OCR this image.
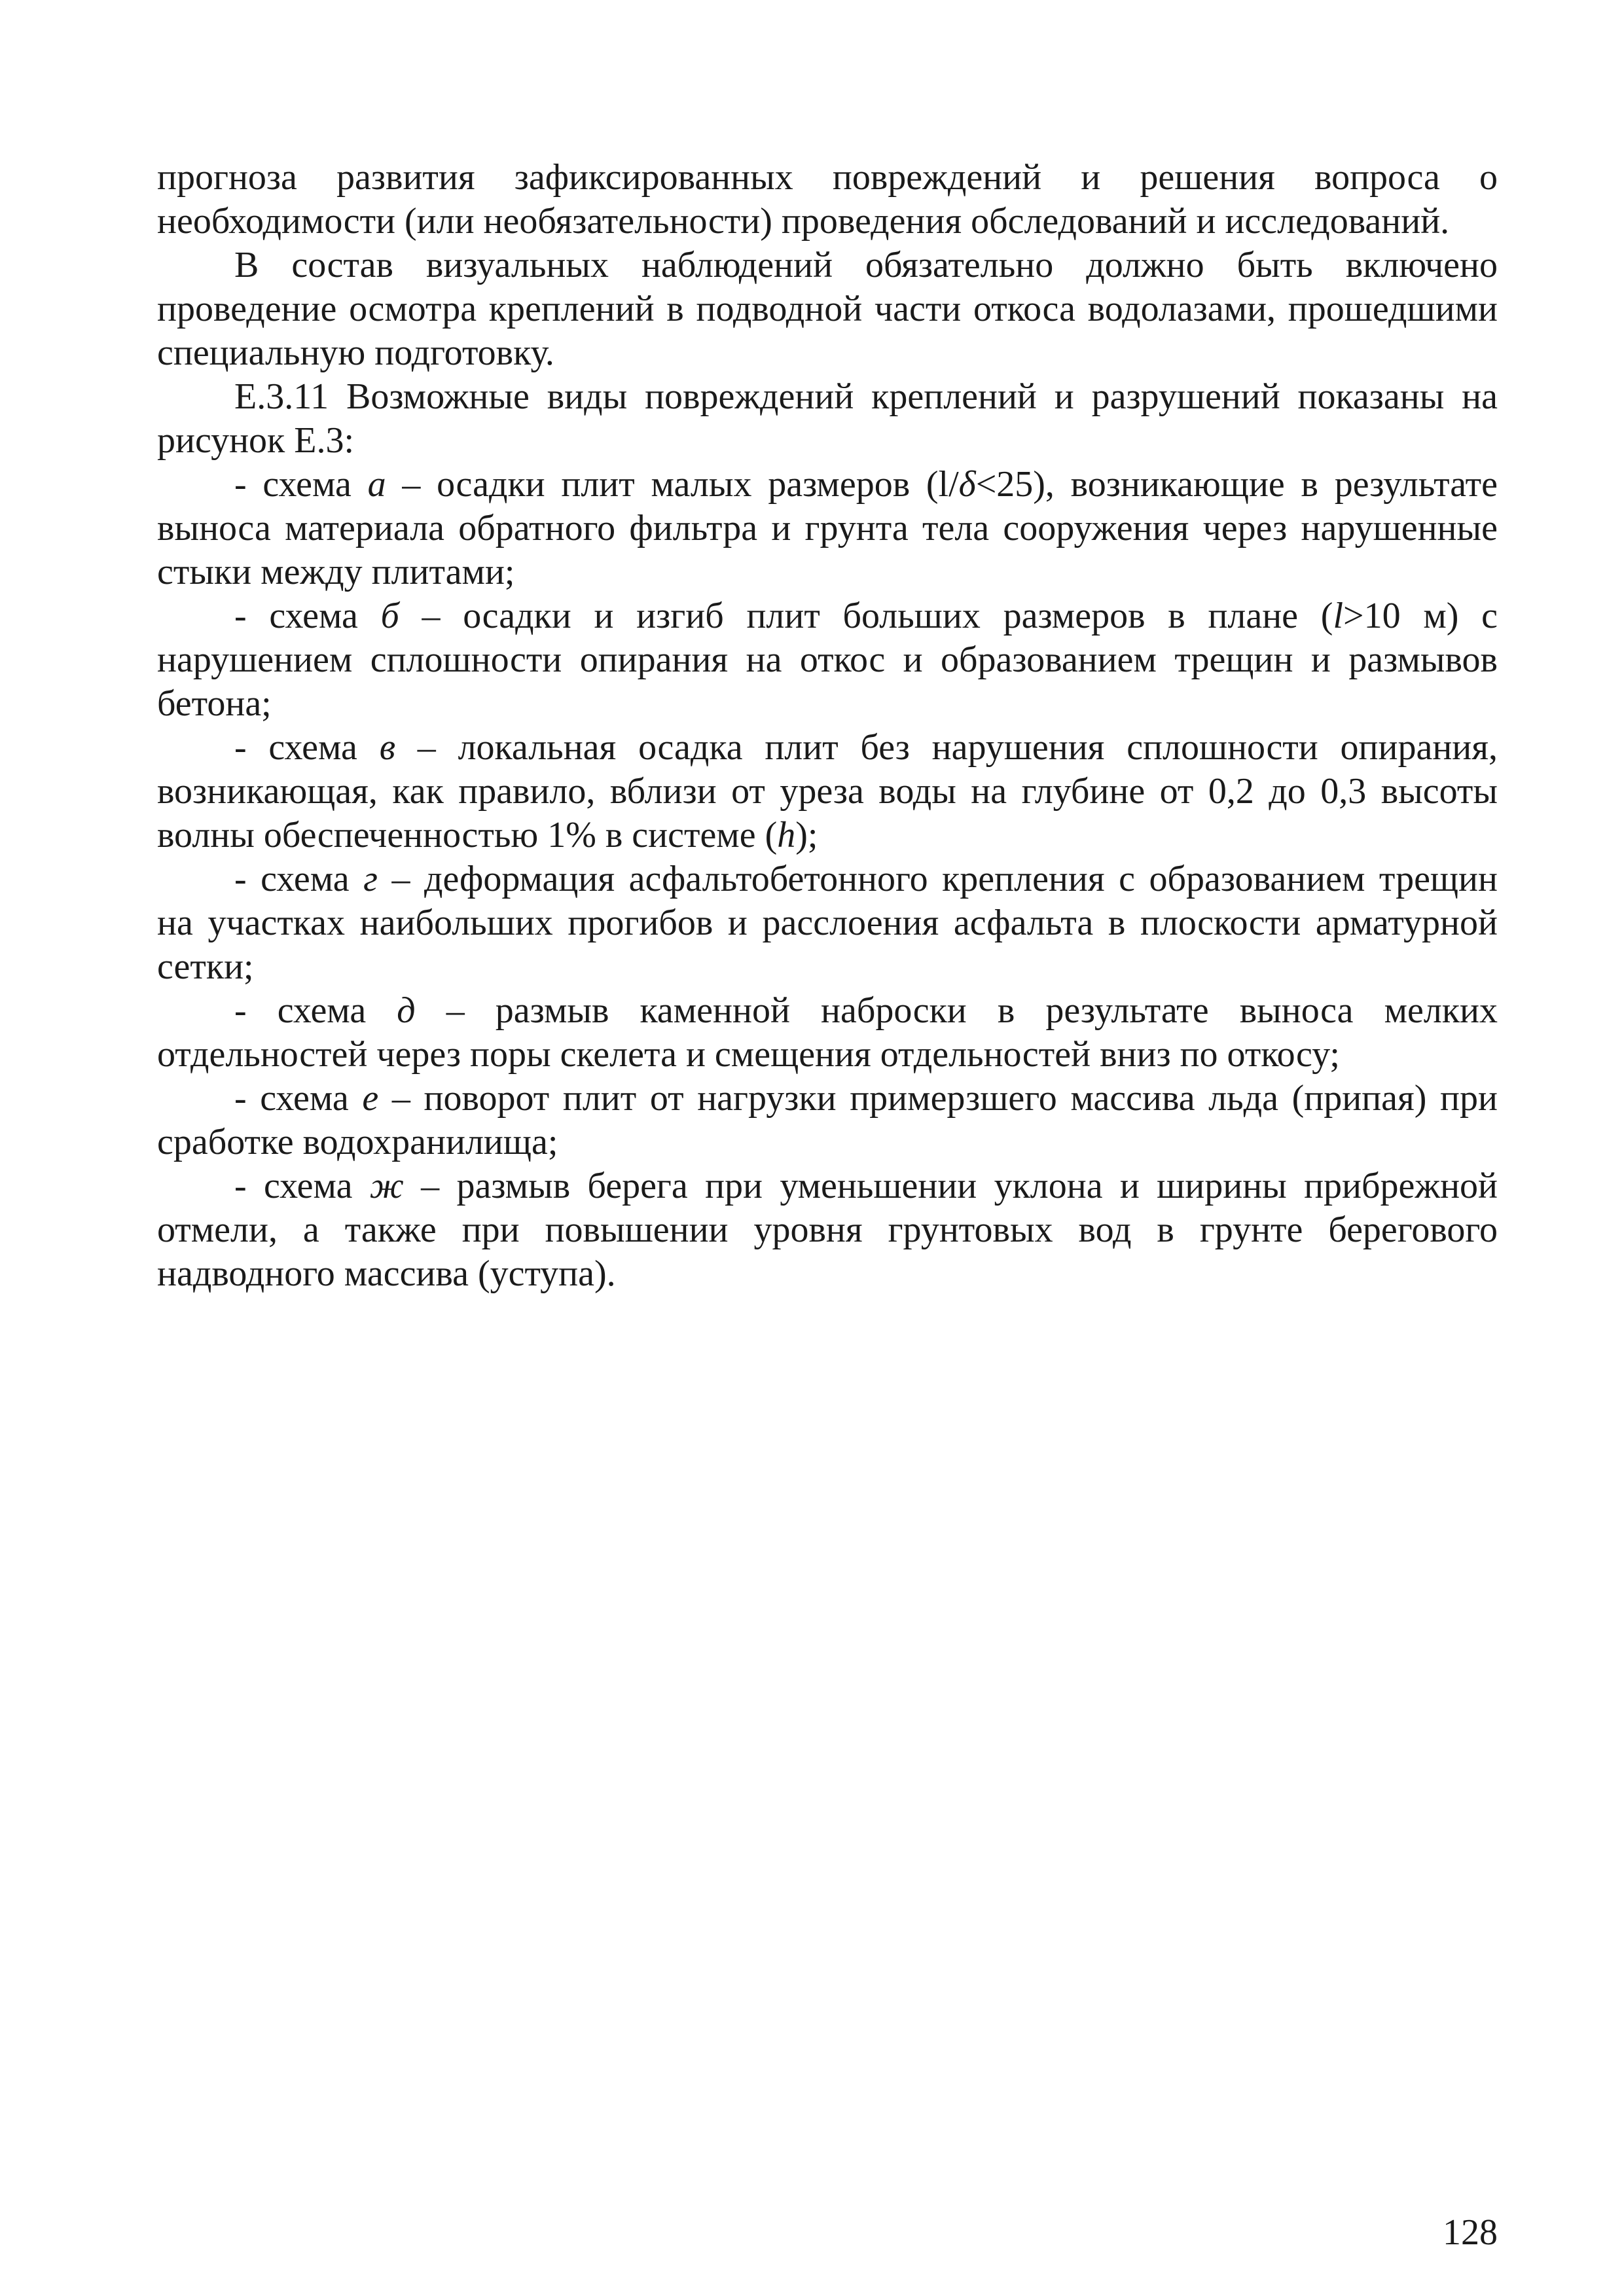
прогноза развития зафиксированных повреждений и решения вопроса о необходимости (или необязательности) проведения обследований и исследований.

В состав визуальных наблюдений обязательно должно быть включено проведение осмотра креплений в подводной части откоса водолазами, прошедшими специальную подготовку.

Е.3.11 Возможные виды повреждений креплений и разрушений показаны на рисунок Е.3:

- схема а – осадки плит малых размеров (l/δ<25), возникающие в результате выноса материала обратного фильтра и грунта тела сооружения через нарушенные стыки между плитами;

- схема б – осадки и изгиб плит больших размеров в плане (l>10 м) с нарушением сплошности опирания на откос и образованием трещин и размывов бетона;

- схема в – локальная осадка плит без нарушения сплошности опирания, возникающая, как правило, вблизи от уреза воды на глубине от 0,2 до 0,3 высоты волны обеспеченностью 1% в системе (h);

- схема г – деформация асфальтобетонного крепления с образованием трещин на участках наибольших прогибов и расслоения асфальта в плоскости арматурной сетки;

- схема д – размыв каменной наброски в результате выноса мелких отдельностей через поры скелета и смещения отдельностей вниз по откосу;

- схема е – поворот плит от нагрузки примерзшего массива льда (припая) при сработке водохранилища;

- схема ж – размыв берега при уменьшении уклона и ширины прибрежной отмели, а также при повышении уровня грунтовых вод в грунте берегового надводного массива (уступа).

128
